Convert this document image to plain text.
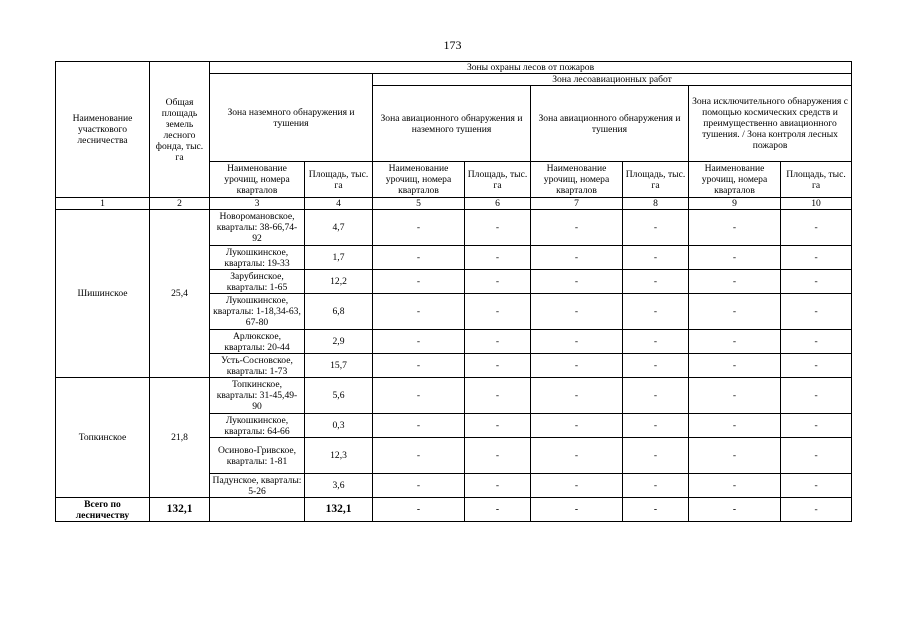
173
Наименование участкового лесничества	Общая площадь земель лесного фонда, тыс. га	Зоны охраны лесов от пожаров							
		Зона наземного обнаружения и тушения		Зона лесоавиационных работ					
				Зона авиационного обнаружения и наземного тушения		Зона авиационного обнаружения и тушения		Зона исключительного обнаружения с помощью космических средств и преимущественно авиационного тушения. / Зона контроля лесных пожаров	
		Наименование урочищ, номера кварталов	Площадь, тыс. га	Наименование урочищ, номера кварталов	Площадь, тыс. га	Наименование урочищ, номера кварталов	Площадь, тыс. га	Наименование урочищ, номера кварталов	Площадь, тыс. га
1	2	3	4	5	6	7	8	9	10
Шишинское	25,4	Новоромановское, кварталы: 38-66,74-92	4,7	-	-	-	-	-	-
		Лукошкинское, кварталы: 19-33	1,7	-	-	-	-	-	-
		Зарубинское, кварталы: 1-65	12,2	-	-	-	-	-	-
		Лукошкинское, кварталы: 1-18,34-63, 67-80	6,8	-	-	-	-	-	-
		Арлюкское, кварталы: 20-44	2,9	-	-	-	-	-	-
		Усть-Сосновское, кварталы: 1-73	15,7	-	-	-	-	-	-
Топкинское	21,8	Топкинское, кварталы: 31-45,49-90	5,6	-	-	-	-	-	-
		Лукошкинское, кварталы: 64-66	0,3	-	-	-	-	-	-
		Осиново-Гривское, кварталы: 1-81	12,3	-	-	-	-	-	-
		Падунское, кварталы: 5-26	3,6	-	-	-	-	-	-
Всего по лесничеству	132,1		132,1	-	-	-	-	-	-
